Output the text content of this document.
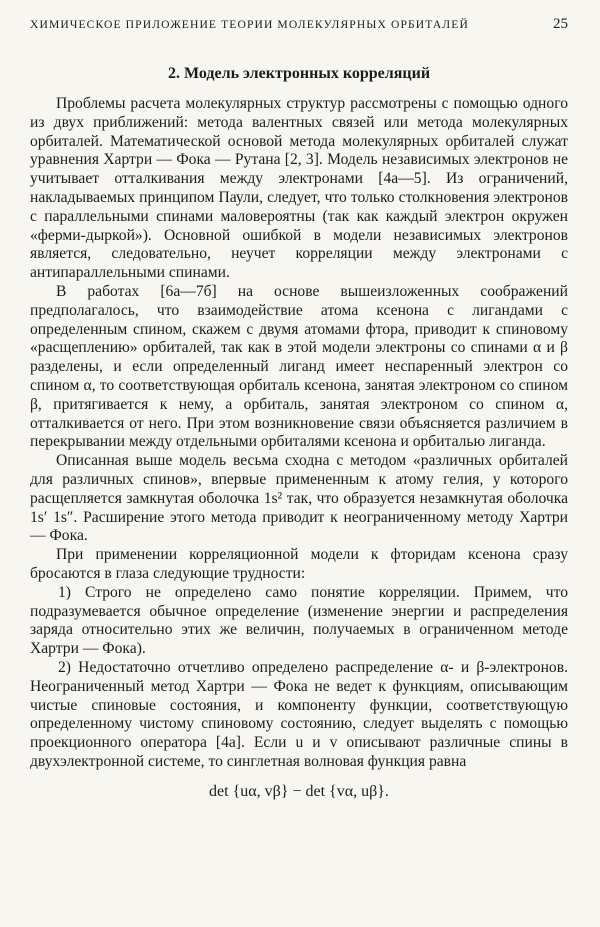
ХИМИЧЕСКОЕ ПРИЛОЖЕНИЕ ТЕОРИИ МОЛЕКУЛЯРНЫХ ОРБИТАЛЕЙ	25
2. Модель электронных корреляций

Проблемы расчета молекулярных структур рассмотрены с помощью одного из двух приближений: метода валентных связей или метода молекулярных орбиталей. Математической основой метода молекулярных орбиталей служат уравнения Хартри — Фока — Рутана [2, 3]. Модель независимых электронов не учитывает отталкивания между электронами [4а—5]. Из ограничений, накладываемых принципом Паули, следует, что только столкновения электронов с параллельными спинами маловероятны (так как каждый электрон окружен «ферми-дыркой»). Основной ошибкой в модели независимых электронов является, следовательно, неучет корреляции между электронами с антипараллельными спинами.

В работах [6а—7б] на основе вышеизложенных соображений предполагалось, что взаимодействие атома ксенона с лигандами с определенным спином, скажем с двумя атомами фтора, приводит к спиновому «расщеплению» орбиталей, так как в этой модели электроны со спинами α и β разделены, и если определенный лиганд имеет неспаренный электрон со спином α, то соответствующая орбиталь ксенона, занятая электроном со спином β, притягивается к нему, а орбиталь, занятая электроном со спином α, отталкивается от него. При этом возникновение связи объясняется различием в перекрывании между отдельными орбиталями ксенона и орбиталью лиганда.

Описанная выше модель весьма сходна с методом «различных орбиталей для различных спинов», впервые примененным к атому гелия, у которого расщепляется замкнутая оболочка 1s² так, что образуется незамкнутая оболочка 1s′ 1s″. Расширение этого метода приводит к неограниченному методу Хартри — Фока.

При применении корреляционной модели к фторидам ксенона сразу бросаются в глаза следующие трудности:

1) Строго не определено само понятие корреляции. Примем, что подразумевается обычное определение (изменение энергии и распределения заряда относительно этих же величин, получаемых в ограниченном методе Хартри — Фока).

2) Недостаточно отчетливо определено распределение α- и β-электронов. Неограниченный метод Хартри — Фока не ведет к функциям, описывающим чистые спиновые состояния, и компоненту функции, соответствующую определенному чистому спиновому состоянию, следует выделять с помощью проекционного оператора [4а]. Если u и v описывают различные спины в двухэлектронной системе, то синглетная волновая функция равна

det {uα, vβ} − det {vα, uβ}.
